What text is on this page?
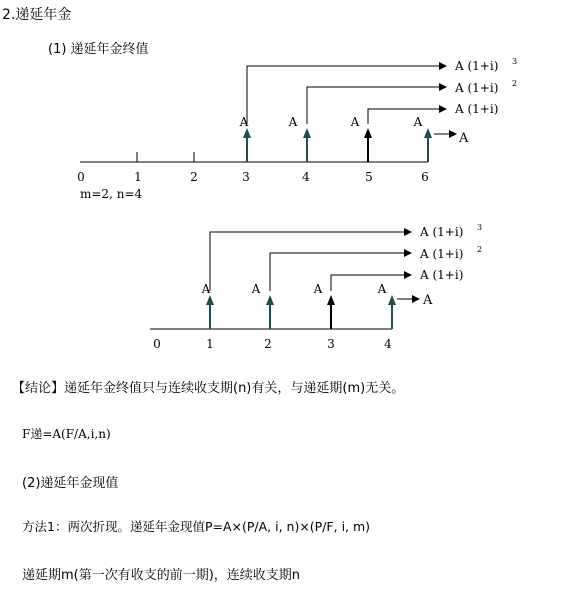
2.递延年金
(1) 递延年金终值
0	1	2	3	4	5	6
m=2, n=4
A	A	A	A
A (1+i) 3
A (1+i) 2
A (1+i)
A
0	1	2	3	4
A	A	A	A
A (1+i) 3
A (1+i) 2
A (1+i)
A
【结论】递延年金终值只与连续收支期(n)有关，与递延期(m)无关。
F递=A(F/A,i,n)
(2)递延年金现值
方法1：两次折现。递延年金现值P=A×(P/A, i, n)×(P/F, i, m)
递延期m(第一次有收支的前一期)，连续收支期n
